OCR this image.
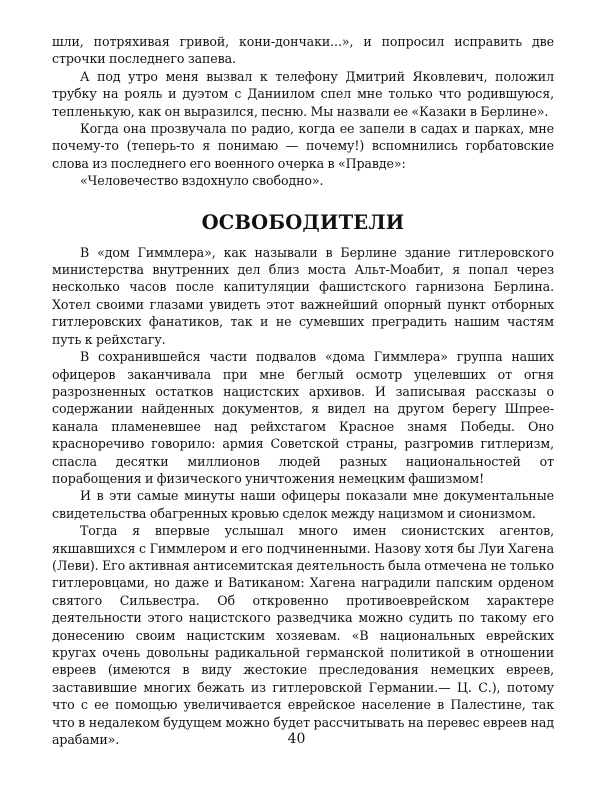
шли, потряхивая гривой, кони-дончаки...», и попросил исправить две строчки последнего запева.

А под утро меня вызвал к телефону Дмитрий Яковлевич, положил трубку на рояль и дуэтом с Даниилом спел мне только что родившуюся, тепленькую, как он выразился, песню. Мы назвали ее «Казаки в Берлине».

Когда она прозвучала по радио, когда ее запели в садах и парках, мне почему-то (теперь-то я понимаю — почему!) вспомнились горбатовские слова из последнего его военного очерка в «Правде»:

«Человечество вздохнуло свободно».

ОСВОБОДИТЕЛИ

В «дом Гиммлера», как называли в Берлине здание гитлеровского министерства внутренних дел близ моста Альт-Моабит, я попал через несколько часов после капитуляции фашистского гарнизона Берлина. Хотел своими глазами увидеть этот важнейший опорный пункт отборных гитлеровских фанатиков, так и не сумевших преградить нашим частям путь к рейхстагу.

В сохранившейся части подвалов «дома Гиммлера» группа наших офицеров заканчивала при мне беглый осмотр уцелевших от огня разрозненных остатков нацистских архивов. И записывая рассказы о содержании найденных документов, я видел на другом берегу Шпрее-канала пламеневшее над рейхстагом Красное знамя Победы. Оно красноречиво говорило: армия Советской страны, разгромив гитлеризм, спасла десятки миллионов людей разных национальностей от порабощения и физического уничтожения немецким фашизмом!

И в эти самые минуты наши офицеры показали мне документальные свидетельства обагренных кровью сделок между нацизмом и сионизмом.

Тогда я впервые услышал много имен сионистских агентов, якшавшихся с Гиммлером и его подчиненными. Назову хотя бы Луи Хагена (Леви). Его активная антисемитская деятельность была отмечена не только гитлеровцами, но даже и Ватиканом: Хагена наградили папским орденом святого Сильвестра. Об откровенно противоеврейском характере деятельности этого нацистского разведчика можно судить по такому его донесению своим нацистским хозяевам. «В национальных еврейских кругах очень довольны радикальной германской политикой в отношении евреев (имеются в виду жестокие преследования немецких евреев, заставившие многих бежать из гитлеровской Германии.— Ц. С.), потому что с ее помощью увеличивается еврейское население в Палестине, так что в недалеком будущем можно будет рассчитывать на перевес евреев над арабами».	40
